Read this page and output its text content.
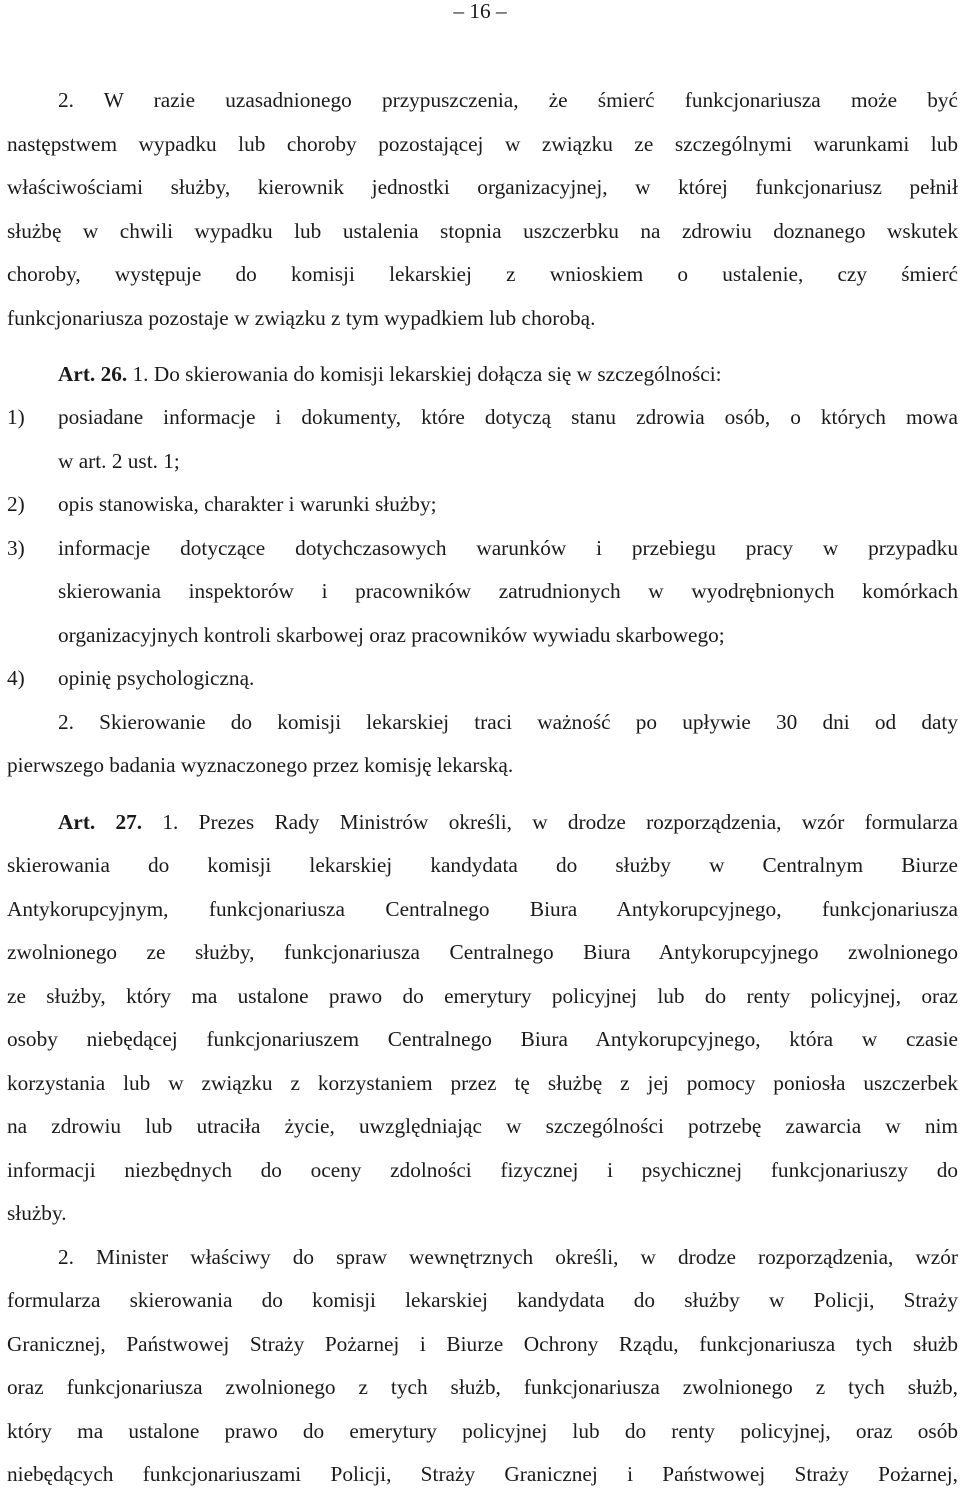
– 16 –
2. W razie uzasadnionego przypuszczenia, że śmierć funkcjonariusza może być
następstwem wypadku lub choroby pozostającej w związku ze szczególnymi warunkami lub
właściwościami służby, kierownik jednostki organizacyjnej, w której funkcjonariusz pełnił
służbę w chwili wypadku lub ustalenia stopnia uszczerbku na zdrowiu doznanego wskutek
choroby, występuje do komisji lekarskiej z wnioskiem o ustalenie, czy śmierć
funkcjonariusza pozostaje w związku z tym wypadkiem lub chorobą.
Art. 26. 1. Do skierowania do komisji lekarskiej dołącza się w szczególności:
1) posiadane informacje i dokumenty, które dotyczą stanu zdrowia osób, o których mowa
w art. 2 ust. 1;
2) opis stanowiska, charakter i warunki służby;
3) informacje dotyczące dotychczasowych warunków i przebiegu pracy w przypadku
skierowania inspektorów i pracowników zatrudnionych w wyodrębnionych komórkach
organizacyjnych kontroli skarbowej oraz pracowników wywiadu skarbowego;
4) opinię psychologiczną.
2. Skierowanie do komisji lekarskiej traci ważność po upływie 30 dni od daty
pierwszego badania wyznaczonego przez komisję lekarską.
Art. 27. 1. Prezes Rady Ministrów określi, w drodze rozporządzenia, wzór formularza
skierowania do komisji lekarskiej kandydata do służby w Centralnym Biurze
Antykorupcyjnym, funkcjonariusza Centralnego Biura Antykorupcyjnego, funkcjonariusza
zwolnionego ze służby, funkcjonariusza Centralnego Biura Antykorupcyjnego zwolnionego
ze służby, który ma ustalone prawo do emerytury policyjnej lub do renty policyjnej, oraz
osoby niebędącej funkcjonariuszem Centralnego Biura Antykorupcyjnego, która w czasie
korzystania lub w związku z korzystaniem przez tę służbę z jej pomocy poniosła uszczerbek
na zdrowiu lub utraciła życie, uwzględniając w szczególności potrzebę zawarcia w nim
informacji niezbędnych do oceny zdolności fizycznej i psychicznej funkcjonariuszy do
służby.
2. Minister właściwy do spraw wewnętrznych określi, w drodze rozporządzenia, wzór
formularza skierowania do komisji lekarskiej kandydata do służby w Policji, Straży
Granicznej, Państwowej Straży Pożarnej i Biurze Ochrony Rządu, funkcjonariusza tych służb
oraz funkcjonariusza zwolnionego z tych służb, funkcjonariusza zwolnionego z tych służb,
który ma ustalone prawo do emerytury policyjnej lub do renty policyjnej, oraz osób
niebędących funkcjonariuszami Policji, Straży Granicznej i Państwowej Straży Pożarnej,
